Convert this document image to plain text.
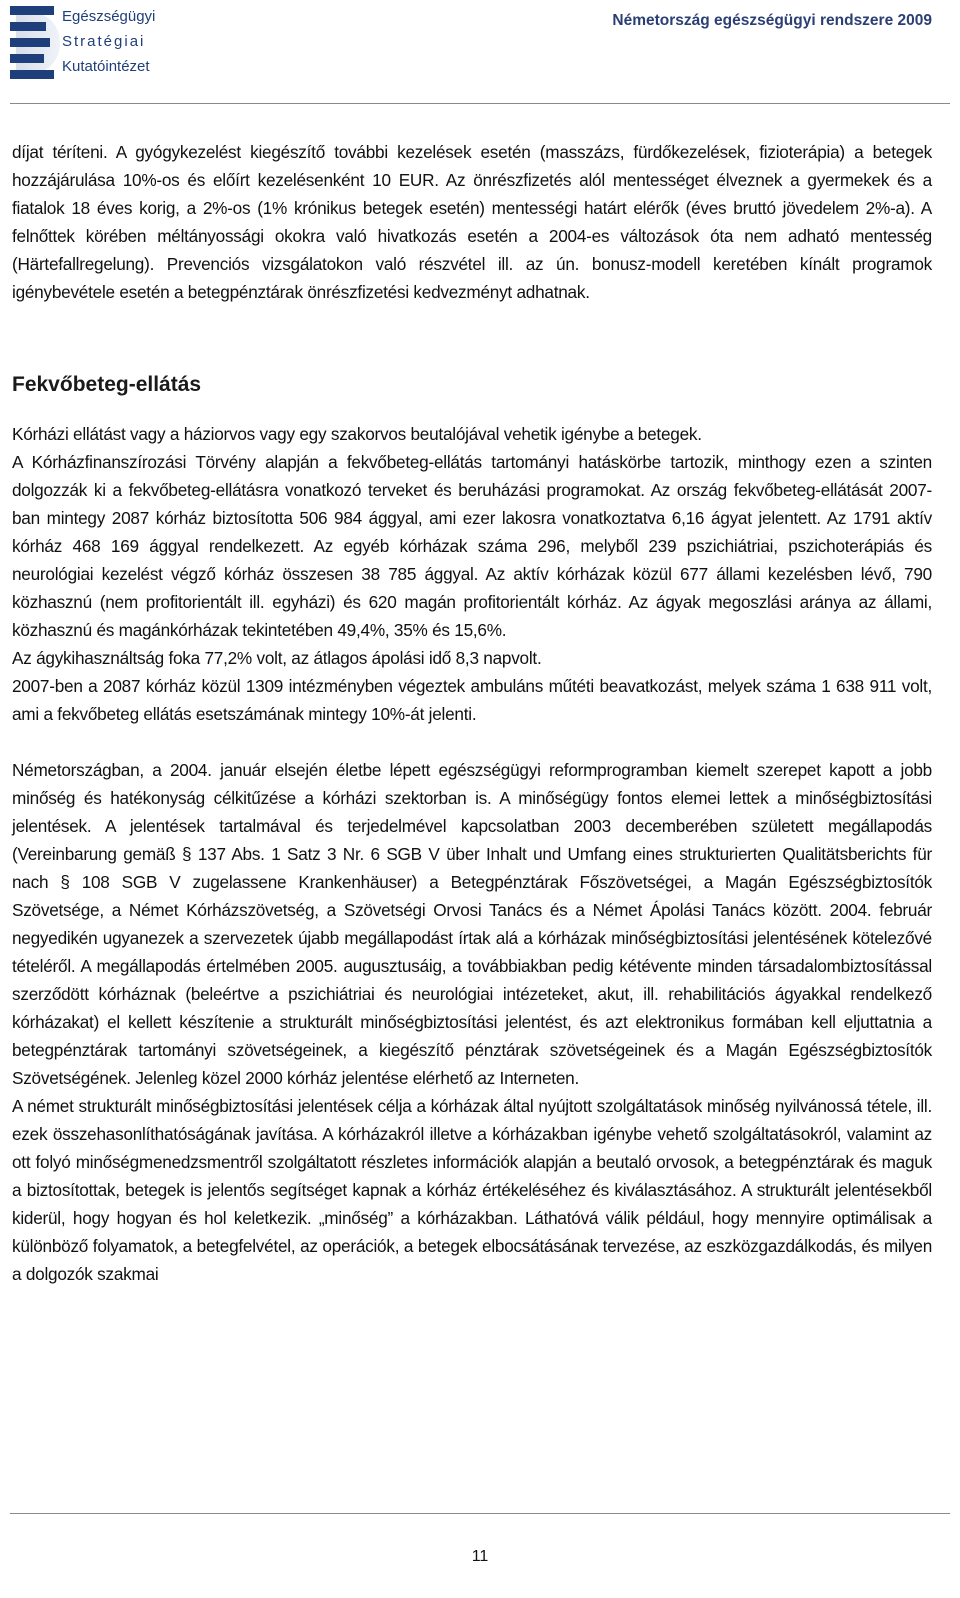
Egészségügyi
Stratégiai
Kutatóintézet
Németország egészségügyi rendszere 2009

díjat téríteni. A gyógykezelést kiegészítő további kezelések esetén (masszázs, fürdőkezelések, fizioterápia) a betegek hozzájárulása 10%-os és előírt kezelésenként 10 EUR. Az önrészfizetés alól mentességet élveznek a gyermekek és a fiatalok 18 éves korig, a 2%-os (1% krónikus betegek esetén) mentességi határt elérők (éves bruttó jövedelem 2%-a). A felnőttek körében méltányossági okokra való hivatkozás esetén a 2004-es változások óta nem adható mentesség (Härtefallregelung). Prevenciós vizsgálatokon való részvétel ill. az ún. bonusz-modell keretében kínált programok igénybevétele esetén a betegpénztárak önrészfizetési kedvezményt adhatnak.

Fekvőbeteg-ellátás

Kórházi ellátást vagy a háziorvos vagy egy szakorvos beutalójával vehetik igénybe a betegek.

A Kórházfinanszírozási Törvény alapján a fekvőbeteg-ellátás tartományi hatáskörbe tartozik, minthogy ezen a szinten dolgozzák ki a fekvőbeteg-ellátásra vonatkozó terveket és beruházási programokat. Az ország fekvőbeteg-ellátását 2007-ban mintegy 2087 kórház biztosította 506 984 ággyal, ami ezer lakosra vonatkoztatva 6,16 ágyat jelentett. Az 1791 aktív kórház 468 169 ággyal rendelkezett. Az egyéb kórházak száma 296, melyből 239 pszichiátriai, pszichoterápiás és neurológiai kezelést végző kórház összesen 38 785 ággyal. Az aktív kórházak közül 677 állami kezelésben lévő, 790 közhasznú (nem profitorientált ill. egyházi) és 620 magán profitorientált kórház. Az ágyak megoszlási aránya az állami, közhasznú és magánkórházak tekintetében 49,4%, 35% és 15,6%.

Az ágykihasználtság foka 77,2% volt, az átlagos ápolási idő 8,3 napvolt.

2007-ben a 2087 kórház közül 1309 intézményben végeztek ambuláns műtéti beavatkozást, melyek száma 1 638 911 volt, ami a fekvőbeteg ellátás esetszámának mintegy 10%-át jelenti.

Németországban, a 2004. január elsején életbe lépett egészségügyi reformprogramban kiemelt szerepet kapott a jobb minőség és hatékonyság célkitűzése a kórházi szektorban is. A minőségügy fontos elemei lettek a minőségbiztosítási jelentések. A jelentések tartalmával és terjedelmével kapcsolatban 2003 decemberében született megállapodás (Vereinbarung gemäß § 137 Abs. 1 Satz 3 Nr. 6 SGB V über Inhalt und Umfang eines strukturierten Qualitätsberichts für nach § 108 SGB V zugelassene Krankenhäuser) a Betegpénztárak Főszövetségei, a Magán Egészségbiztosítók Szövetsége, a Német Kórházszövetség, a Szövetségi Orvosi Tanács és a Német Ápolási Tanács között. 2004. február negyedikén ugyanezek a szervezetek újabb megállapodást írtak alá a kórházak minőségbiztosítási jelentésének kötelezővé tételéről. A megállapodás értelmében 2005. augusztusáig, a továbbiakban pedig kétévente minden társadalombiztosítással szerződött kórháznak (beleértve a pszichiátriai és neurológiai intézeteket, akut, ill. rehabilitációs ágyakkal rendelkező kórházakat) el kellett készítenie a strukturált minőségbiztosítási jelentést, és azt elektronikus formában kell eljuttatnia a betegpénztárak tartományi szövetségeinek, a kiegészítő pénztárak szövetségeinek és a Magán Egészségbiztosítók Szövetségének. Jelenleg közel 2000 kórház jelentése elérhető az Interneten.

A német strukturált minőségbiztosítási jelentések célja a kórházak által nyújtott szolgáltatások minőség nyilvánossá tétele, ill. ezek összehasonlíthatóságának javítása. A kórházakról illetve a kórházakban igénybe vehető szolgáltatásokról, valamint az ott folyó minőségmenedzsmentről szolgáltatott részletes információk alapján a beutaló orvosok, a betegpénztárak és maguk a biztosítottak, betegek is jelentős segítséget kapnak a kórház értékeléséhez és kiválasztásához. A strukturált jelentésekből kiderül, hogy hogyan és hol keletkezik. „minőség” a kórházakban. Láthatóvá válik például, hogy mennyire optimálisak a különböző folyamatok, a betegfelvétel, az operációk, a betegek elbocsátásának tervezése, az eszközgazdálkodás, és milyen a dolgozók szakmai

11
